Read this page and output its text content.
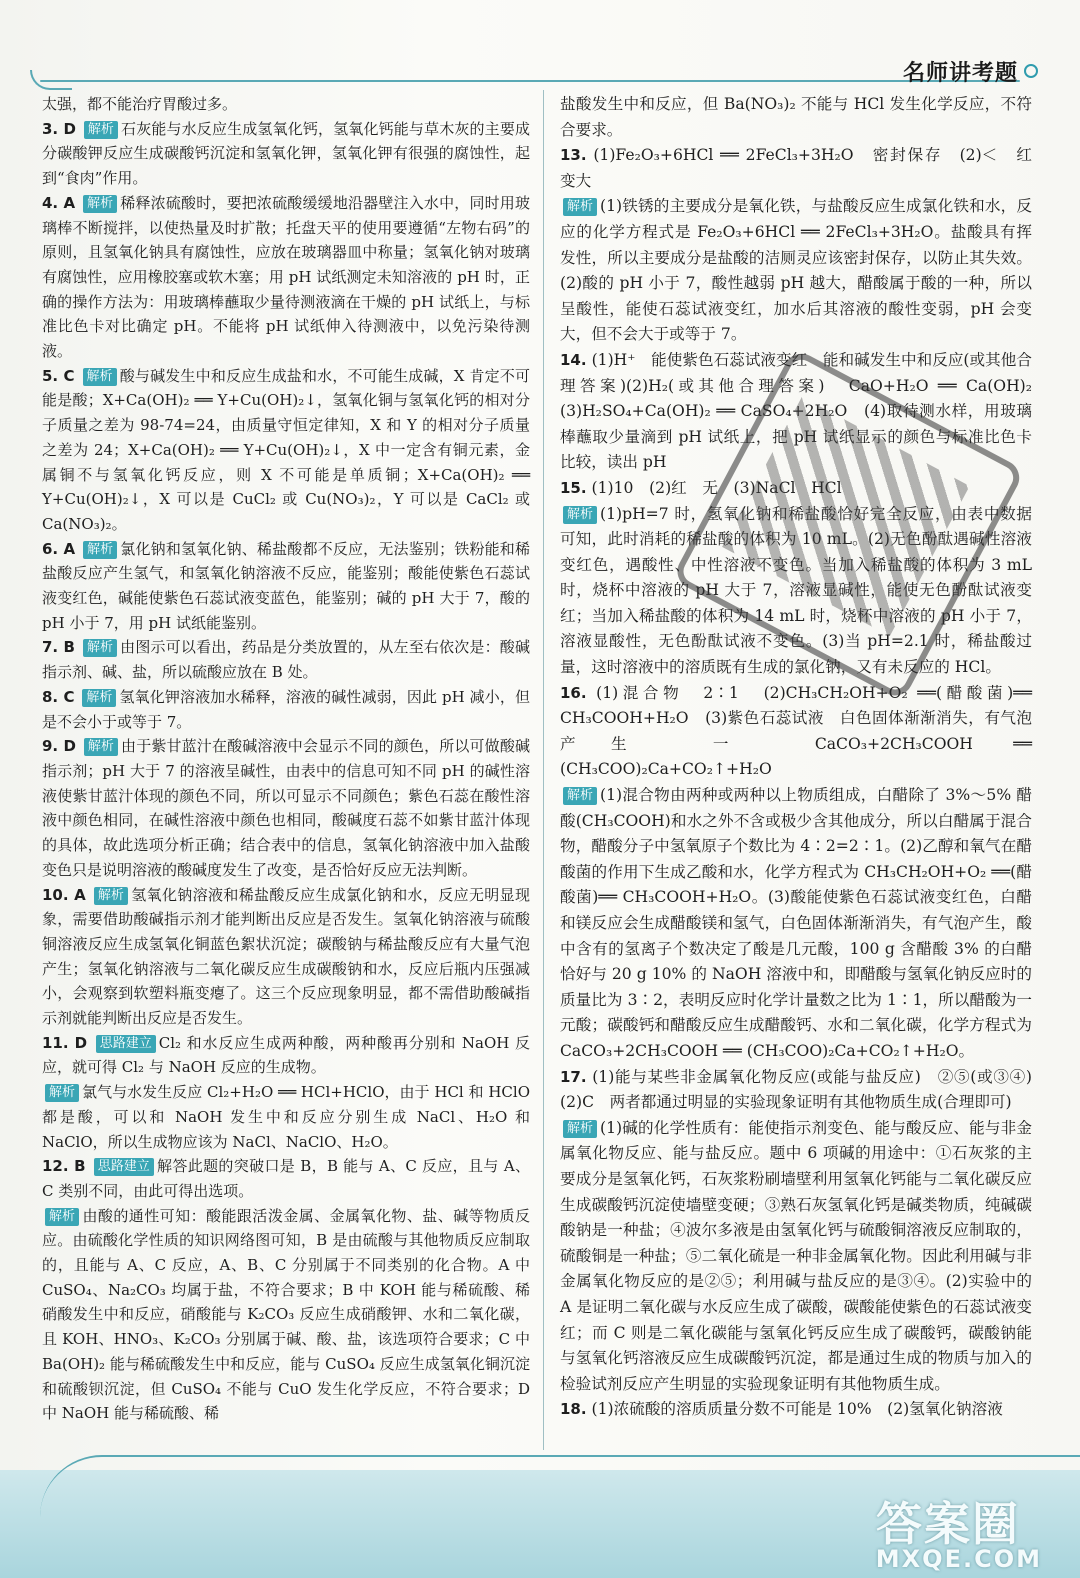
名师讲考题
太强，都不能治疗胃酸过多。
3. D 解析 石灰能与水反应生成氢氧化钙，氢氧化钙能与草木灰的主要成分碳酸钾反应生成碳酸钙沉淀和氢氧化钾，氢氧化钾有很强的腐蚀性，起到“食肉”作用。
4. A 解析 稀释浓硫酸时，要把浓硫酸缓缓地沿器壁注入水中，同时用玻璃棒不断搅拌，以使热量及时扩散；托盘天平的使用要遵循“左物右码”的原则，且氢氧化钠具有腐蚀性，应放在玻璃器皿中称量；氢氧化钠对玻璃有腐蚀性，应用橡胶塞或软木塞；用 pH 试纸测定未知溶液的 pH 时，正确的操作方法为：用玻璃棒蘸取少量待测液滴在干燥的 pH 试纸上，与标准比色卡对比确定 pH。不能将 pH 试纸伸入待测液中，以免污染待测液。
5. C 解析 酸与碱发生中和反应生成盐和水，不可能生成碱，X 肯定不可能是酸；X+Ca(OH)₂ ══ Y+Cu(OH)₂↓，氢氧化铜与氢氧化钙的相对分子质量之差为 98-74=24，由质量守恒定律知，X 和 Y 的相对分子质量之差为 24；X+Ca(OH)₂ ══ Y+Cu(OH)₂↓，X 中一定含有铜元素，金属铜不与氢氧化钙反应，则 X 不可能是单质铜；X+Ca(OH)₂ ══ Y+Cu(OH)₂↓，X 可以是 CuCl₂ 或 Cu(NO₃)₂，Y 可以是 CaCl₂ 或 Ca(NO₃)₂。
6. A 解析 氯化钠和氢氧化钠、稀盐酸都不反应，无法鉴别；铁粉能和稀盐酸反应产生氢气，和氢氧化钠溶液不反应，能鉴别；酸能使紫色石蕊试液变红色，碱能使紫色石蕊试液变蓝色，能鉴别；碱的 pH 大于 7，酸的 pH 小于 7，用 pH 试纸能鉴别。
7. B 解析 由图示可以看出，药品是分类放置的，从左至右依次是：酸碱指示剂、碱、盐，所以硫酸应放在 B 处。
8. C 解析 氢氧化钾溶液加水稀释，溶液的碱性减弱，因此 pH 减小，但是不会小于或等于 7。
9. D 解析 由于紫甘蓝汁在酸碱溶液中会显示不同的颜色，所以可做酸碱指示剂；pH 大于 7 的溶液呈碱性，由表中的信息可知不同 pH 的碱性溶液使紫甘蓝汁体现的颜色不同，所以可显示不同颜色；紫色石蕊在酸性溶液中颜色相同，在碱性溶液中颜色也相同，酸碱度石蕊不如紫甘蓝汁体现的具体，故此选项分析正确；结合表中的信息，氢氧化钠溶液中加入盐酸变色只是说明溶液的酸碱度发生了改变，是否恰好反应无法判断。
10. A 解析 氢氧化钠溶液和稀盐酸反应生成氯化钠和水，反应无明显现象，需要借助酸碱指示剂才能判断出反应是否发生。氢氧化钠溶液与硫酸铜溶液反应生成氢氧化铜蓝色絮状沉淀；碳酸钠与稀盐酸反应有大量气泡产生；氢氧化钠溶液与二氧化碳反应生成碳酸钠和水，反应后瓶内压强减小，会观察到软塑料瓶变瘪了。这三个反应现象明显，都不需借助酸碱指示剂就能判断出反应是否发生。
11. D 思路建立 Cl₂ 和水反应生成两种酸，两种酸再分别和 NaOH 反应，就可得 Cl₂ 与 NaOH 反应的生成物。
解析 氯气与水发生反应 Cl₂+H₂O ══ HCl+HClO，由于 HCl 和 HClO 都是酸，可以和 NaOH 发生中和反应分别生成 NaCl、H₂O 和 NaClO，所以生成物应该为 NaCl、NaClO、H₂O。
12. B 思路建立 解答此题的突破口是 B，B 能与 A、C 反应，且与 A、C 类别不同，由此可得出选项。
解析 由酸的通性可知：酸能跟活泼金属、金属氧化物、盐、碱等物质反应。由硫酸化学性质的知识网络图可知，B 是由硫酸与其他物质反应制取的，且能与 A、C 反应，A、B、C 分别属于不同类别的化合物。A 中 CuSO₄、Na₂CO₃ 均属于盐，不符合要求；B 中 KOH 能与稀硫酸、稀硝酸发生中和反应，硝酸能与 K₂CO₃ 反应生成硝酸钾、水和二氧化碳，且 KOH、HNO₃、K₂CO₃ 分别属于碱、酸、盐，该选项符合要求；C 中 Ba(OH)₂ 能与稀硫酸发生中和反应，能与 CuSO₄ 反应生成氢氧化铜沉淀和硫酸钡沉淀，但 CuSO₄ 不能与 CuO 发生化学反应，不符合要求；D 中 NaOH 能与稀硫酸、稀
盐酸发生中和反应，但 Ba(NO₃)₂ 不能与 HCl 发生化学反应，不符合要求。
13. (1)Fe₂O₃+6HCl ══ 2FeCl₃+3H₂O　密封保存　(2)＜　红　变大
解析 (1)铁锈的主要成分是氧化铁，与盐酸反应生成氯化铁和水，反应的化学方程式是 Fe₂O₃+6HCl ══ 2FeCl₃+3H₂O。盐酸具有挥发性，所以主要成分是盐酸的洁厕灵应该密封保存，以防止其失效。(2)酸的 pH 小于 7，酸性越弱 pH 越大，醋酸属于酸的一种，所以呈酸性，能使石蕊试液变红，加水后其溶液的酸性变弱，pH 会变大，但不会大于或等于 7。
14. (1)H⁺　能使紫色石蕊试液变红　能和碱发生中和反应(或其他合理答案)(2)H₂(或其他合理答案)　CaO+H₂O ══ Ca(OH)₂　(3)H₂SO₄+Ca(OH)₂ ══ CaSO₄+2H₂O　(4)取待测水样，用玻璃棒蘸取少量滴到 pH 试纸上，把 pH 试纸显示的颜色与标准比色卡比较，读出 pH
15. (1)10　(2)红　无　(3)NaCl　HCl
解析 (1)pH=7 时，氢氧化钠和稀盐酸恰好完全反应，由表中数据可知，此时消耗的稀盐酸的体积为 10 mL。(2)无色酚酞遇碱性溶液变红色，遇酸性、中性溶液不变色。当加入稀盐酸的体积为 3 mL 时，烧杯中溶液的 pH 大于 7，溶液显碱性，能使无色酚酞试液变红；当加入稀盐酸的体积为 14 mL 时，烧杯中溶液的 pH 小于 7，溶液显酸性，无色酚酞试液不变色。(3)当 pH=2.1 时，稀盐酸过量，这时溶液中的溶质既有生成的氯化钠，又有未反应的 HCl。
16. (1)混合物　2∶1　(2)CH₃CH₂OH+O₂ ══(醋酸菌)══ CH₃COOH+H₂O　(3)紫色石蕊试液　白色固体渐渐消失，有气泡产生　一　CaCO₃+2CH₃COOH ══ (CH₃COO)₂Ca+CO₂↑+H₂O
解析 (1)混合物由两种或两种以上物质组成，白醋除了 3%～5% 醋酸(CH₃COOH)和水之外不含或极少含其他成分，所以白醋属于混合物，醋酸分子中氢氧原子个数比为 4∶2=2∶1。(2)乙醇和氧气在醋酸菌的作用下生成乙酸和水，化学方程式为 CH₃CH₂OH+O₂ ══(醋酸菌)══ CH₃COOH+H₂O。(3)酸能使紫色石蕊试液变红色，白醋和镁反应会生成醋酸镁和氢气，白色固体渐渐消失，有气泡产生，酸中含有的氢离子个数决定了酸是几元酸，100 g 含醋酸 3% 的白醋恰好与 20 g 10% 的 NaOH 溶液中和，即醋酸与氢氧化钠反应时的质量比为 3∶2，表明反应时化学计量数之比为 1∶1，所以醋酸为一元酸；碳酸钙和醋酸反应生成醋酸钙、水和二氧化碳，化学方程式为 CaCO₃+2CH₃COOH ══ (CH₃COO)₂Ca+CO₂↑+H₂O。
17. (1)能与某些非金属氧化物反应(或能与盐反应)　②⑤(或③④)　(2)C　两者都通过明显的实验现象证明有其他物质生成(合理即可)
解析 (1)碱的化学性质有：能使指示剂变色、能与酸反应、能与非金属氧化物反应、能与盐反应。题中 6 项碱的用途中：①石灰浆的主要成分是氢氧化钙，石灰浆粉刷墙壁利用氢氧化钙能与二氧化碳反应生成碳酸钙沉淀使墙壁变硬；③熟石灰氢氧化钙是碱类物质，纯碱碳酸钠是一种盐；④波尔多液是由氢氧化钙与硫酸铜溶液反应制取的，硫酸铜是一种盐；⑤二氧化硫是一种非金属氧化物。因此利用碱与非金属氧化物反应的是②⑤；利用碱与盐反应的是③④。(2)实验中的 A 是证明二氧化碳与水反应生成了碳酸，碳酸能使紫色的石蕊试液变红；而 C 则是二氧化碳能与氢氧化钙反应生成了碳酸钙，碳酸钠能与氢氧化钙溶液反应生成碳酸钙沉淀，都是通过生成的物质与加入的检验试剂反应产生明显的实验现象证明有其他物质生成。
18. (1)浓硫酸的溶质质量分数不可能是 10%　(2)氢氧化钠溶液
答案圈
MXQE.COM
